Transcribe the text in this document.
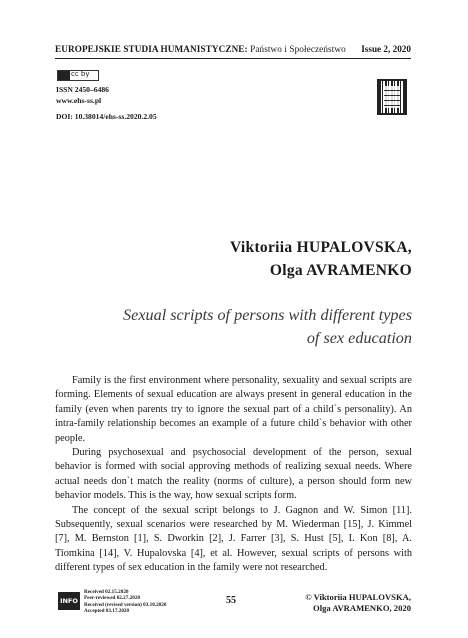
EUROPEJSKIE STUDIA HUMANISTYCZNE: Państwo i Społeczeństwo Issue 2, 2020
cc by
ISSN 2450–6486
www.ehs-ss.pl
DOI: 10.38014/ehs-ss.2020.2.05
Viktoriia HUPALOVSKA,
Olga AVRAMENKO
Sexual scripts of persons with different types
of sex education

Family is the first environment where personality, sexuality and sexual scripts are forming. Elements of sexual education are always present in general education in the family (even when parents try to ignore the sexual part of a child`s personality). An intra-family relationship becomes an example of a future child`s behavior with other people.

During psychosexual and psychosocial development of the person, sexual behavior is formed with social approving methods of realizing sexual needs. Where actual needs don`t match the reality (norms of culture), a person should form new behavior models. This is the way, how sexual scripts form.

The concept of the sexual script belongs to J. Gagnon and W. Simon [11]. Subsequently, sexual scenarios were researched by M. Wiederman [15], J. Kimmel [7], M. Bernston [1], S. Dworkin [2], J. Farrer [3], S. Hust [5], I. Kon [8], A. Tiomkina [14], V. Hupalovska [4], et al. However, sexual scripts of persons with different types of sex education in the family were not researched.

INFO
Received 02.15.2020
Peer-reviewed 02.27.2020
Received (revised version) 03.10.2020
Accepted 03.17.2020
55	© Viktoriia HUPALOVSKA,
Olga AVRAMENKO, 2020
